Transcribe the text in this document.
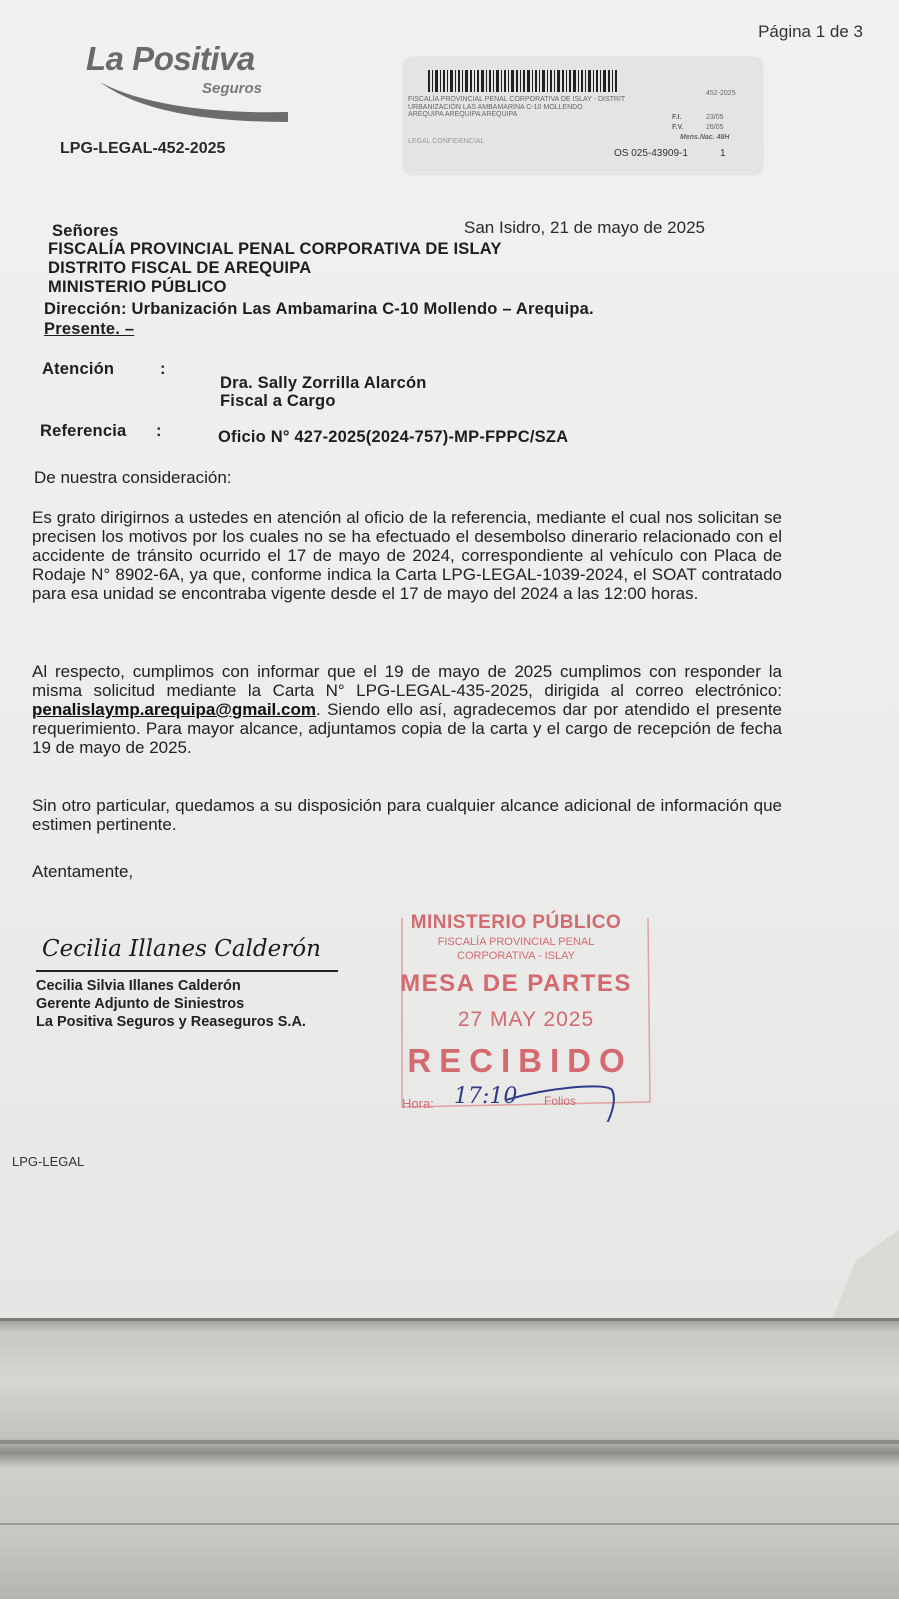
Página 1 de 3
La Positiva
Seguros
LPG-LEGAL-452-2025
FISCALÍA PROVINCIAL PENAL CORPORATIVA DE ISLAY - DISTRIT
URBANIZACIÓN LAS AMBAMARINA C-10 MOLLENDO
AREQUIPA AREQUIPA AREQUIPA
452-2025
F.I.	23/05
F.V.	26/05
Mens.Nac. 48H
LEGAL CONFIDENCIAL
OS 025-43909-1	1
San Isidro, 21 de mayo de 2025
Señores
FISCALÍA PROVINCIAL PENAL CORPORATIVA DE ISLAY
DISTRITO FISCAL DE AREQUIPA
MINISTERIO PÚBLICO
Dirección: Urbanización Las Ambamarina C-10 Mollendo – Arequipa.
Presente. –
Atención	:
Dra. Sally Zorrilla Alarcón
Fiscal a Cargo
Referencia :	Oficio N° 427-2025(2024-757)-MP-FPPC/SZA
De nuestra consideración:
Es grato dirigirnos a ustedes en atención al oficio de la referencia, mediante el cual nos solicitan se precisen los motivos por los cuales no se ha efectuado el desembolso dinerario relacionado con el accidente de tránsito ocurrido el 17 de mayo de 2024, correspondiente al vehículo con Placa de Rodaje N° 8902-6A, ya que, conforme indica la Carta LPG-LEGAL-1039-2024, el SOAT contratado para esa unidad se encontraba vigente desde el 17 de mayo del 2024 a las 12:00 horas.
Al respecto, cumplimos con informar que el 19 de mayo de 2025 cumplimos con responder la misma solicitud mediante la Carta N° LPG-LEGAL-435-2025, dirigida al correo electrónico: penalislaymp.arequipa@gmail.com. Siendo ello así, agradecemos dar por atendido el presente requerimiento. Para mayor alcance, adjuntamos copia de la carta y el cargo de recepción de fecha 19 de mayo de 2025.
Sin otro particular, quedamos a su disposición para cualquier alcance adicional de información que estimen pertinente.
Atentamente,
Cecilia Illanes Calderón
Cecilia Silvia Illanes Calderón
Gerente Adjunto de Siniestros
La Positiva Seguros y Reaseguros S.A.
MINISTERIO PÚBLICO
FISCALÍA PROVINCIAL PENAL
CORPORATIVA - ISLAY
MESA DE PARTES
27 MAY 2025
RECIBIDO
Hora: 17:10 Folios
LPG-LEGAL
